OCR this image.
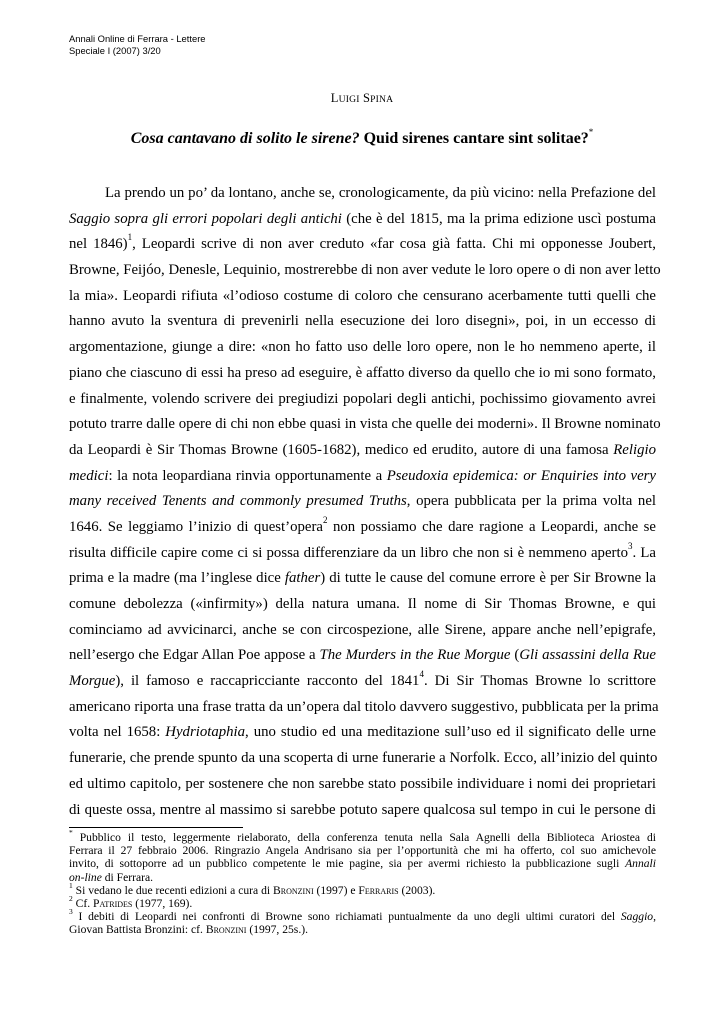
Annali Online di Ferrara - Lettere
Speciale I (2007) 3/20
LUIGI SPINA
Cosa cantavano di solito le sirene? Quid sirenes cantare sint solitae?*
La prendo un po’ da lontano, anche se, cronologicamente, da più vicino: nella Prefazione del
Saggio sopra gli errori popolari degli antichi (che è del 1815, ma la prima edizione uscì postuma
nel 1846)$^1$, Leopardi scrive di non aver creduto «far cosa già fatta. Chi mi opponesse Joubert,
Browne, Feijóo, Denesle, Lequinio, mostrerebbe di non aver vedute le loro opere o di non aver letto
la mia». Leopardi rifiuta «l’odioso costume di coloro che censurano acerbamente tutti quelli che
hanno avuto la sventura di prevenirli nella esecuzione dei loro disegni», poi, in un eccesso di
argomentazione, giunge a dire: «non ho fatto uso delle loro opere, non le ho nemmeno aperte, il
piano che ciascuno di essi ha preso ad eseguire, è affatto diverso da quello che io mi sono formato,
e finalmente, volendo scrivere dei pregiudizi popolari degli antichi, pochissimo giovamento avrei
potuto trarre dalle opere di chi non ebbe quasi in vista che quelle dei moderni». Il Browne nominato
da Leopardi è Sir Thomas Browne (1605-1682), medico ed erudito, autore di una famosa Religio
medici: la nota leopardiana rinvia opportunamente a Pseudoxia epidemica: or Enquiries into very
many received Tenents and commonly presumed Truths, opera pubblicata per la prima volta nel
1646. Se leggiamo l’inizio di quest’opera$^2$ non possiamo che dare ragione a Leopardi, anche se
risulta difficile capire come ci si possa differenziare da un libro che non si è nemmeno aperto$^3$. La
prima e la madre (ma l’inglese dice father) di tutte le cause del comune errore è per Sir Browne la
comune debolezza («infirmity») della natura umana. Il nome di Sir Thomas Browne, e qui
cominciamo ad avvicinarci, anche se con circospezione, alle Sirene, appare anche nell’epigrafe,
nell’esergo che Edgar Allan Poe appose a The Murders in the Rue Morgue (Gli assassini della Rue
Morgue), il famoso e raccapricciante racconto del 1841$^4$. Di Sir Thomas Browne lo scrittore
americano riporta una frase tratta da un’opera dal titolo davvero suggestivo, pubblicata per la prima
volta nel 1658: Hydriotaphia, uno studio ed una meditazione sull’uso ed il significato delle urne
funerarie, che prende spunto da una scoperta di urne funerarie a Norfolk. Ecco, all’inizio del quinto
ed ultimo capitolo, per sostenere che non sarebbe stato possibile individuare i nomi dei proprietari
di queste ossa, mentre al massimo si sarebbe potuto sapere qualcosa sul tempo in cui le persone di
* Pubblico il testo, leggermente rielaborato, della conferenza tenuta nella Sala Agnelli della Biblioteca Ariostea di
Ferrara il 27 febbraio 2006. Ringrazio Angela Andrisano sia per l’opportunità che mi ha offerto, col suo amichevole
invito, di sottoporre ad un pubblico competente le mie pagine, sia per avermi richiesto la pubblicazione sugli Annali
on-line di Ferrara.
$^1$ Si vedano le due recenti edizioni a cura di Bronzini (1997) e Ferraris (2003).
$^2$ Cf. Patrides (1977, 169).
$^3$ I debiti di Leopardi nei confronti di Browne sono richiamati puntualmente da uno degli ultimi curatori del Saggio,
Giovan Battista Bronzini: cf. Bronzini (1997, 25s.).
